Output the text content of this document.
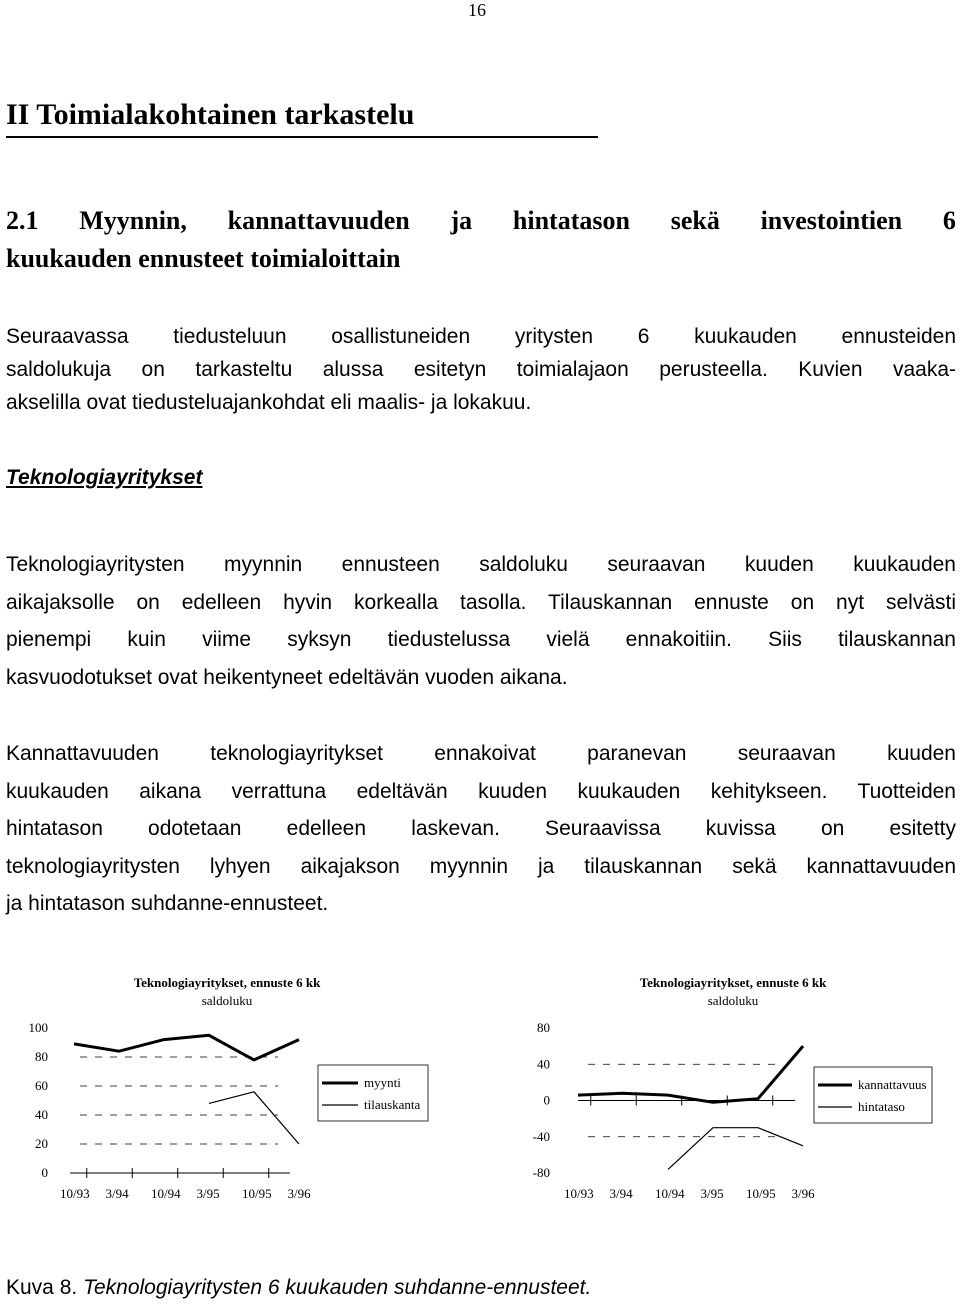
16
II Toimialakohtainen tarkastelu
2.1 Myynnin, kannattavuuden ja hintatason sekä investointien 6
kuukauden ennusteet toimialoittain
Seuraavassa tiedusteluun osallistuneiden yritysten 6 kuukauden ennusteiden
saldolukuja on tarkasteltu alussa esitetyn toimialajaon perusteella. Kuvien vaaka-
akselilla ovat tiedusteluajankohdat eli maalis- ja lokakuu.
Teknologiayritykset
Teknologiayritysten myynnin ennusteen saldoluku seuraavan kuuden kuukauden
aikajaksolle on edelleen hyvin korkealla tasolla. Tilauskannan ennuste on nyt selvästi
pienempi kuin viime syksyn tiedustelussa vielä ennakoitiin. Siis tilauskannan
kasvuodotukset ovat heikentyneet edeltävän vuoden aikana.
Kannattavuuden teknologiayritykset ennakoivat paranevan seuraavan kuuden
kuukauden aikana verrattuna edeltävän kuuden kuukauden kehitykseen. Tuotteiden
hintatason odotetaan edelleen laskevan. Seuraavissa kuvissa on esitetty
teknologiayritysten lyhyen aikajakson myynnin ja tilauskannan sekä kannattavuuden
ja hintatason suhdanne-ennusteet.
Teknologiayritykset, ennuste 6 kk
saldoluku
0
20
40
60
80
100
10/93 3/94 10/94 3/95 10/95 3/96
myynti
tilauskanta
Teknologiayritykset, ennuste 6 kk
saldoluku
-80
-40
0
40
80
10/93 3/94 10/94 3/95 10/95 3/96
kannattavuus
hintataso
Kuva 8. Teknologiayritysten 6 kuukauden suhdanne-ennusteet.
